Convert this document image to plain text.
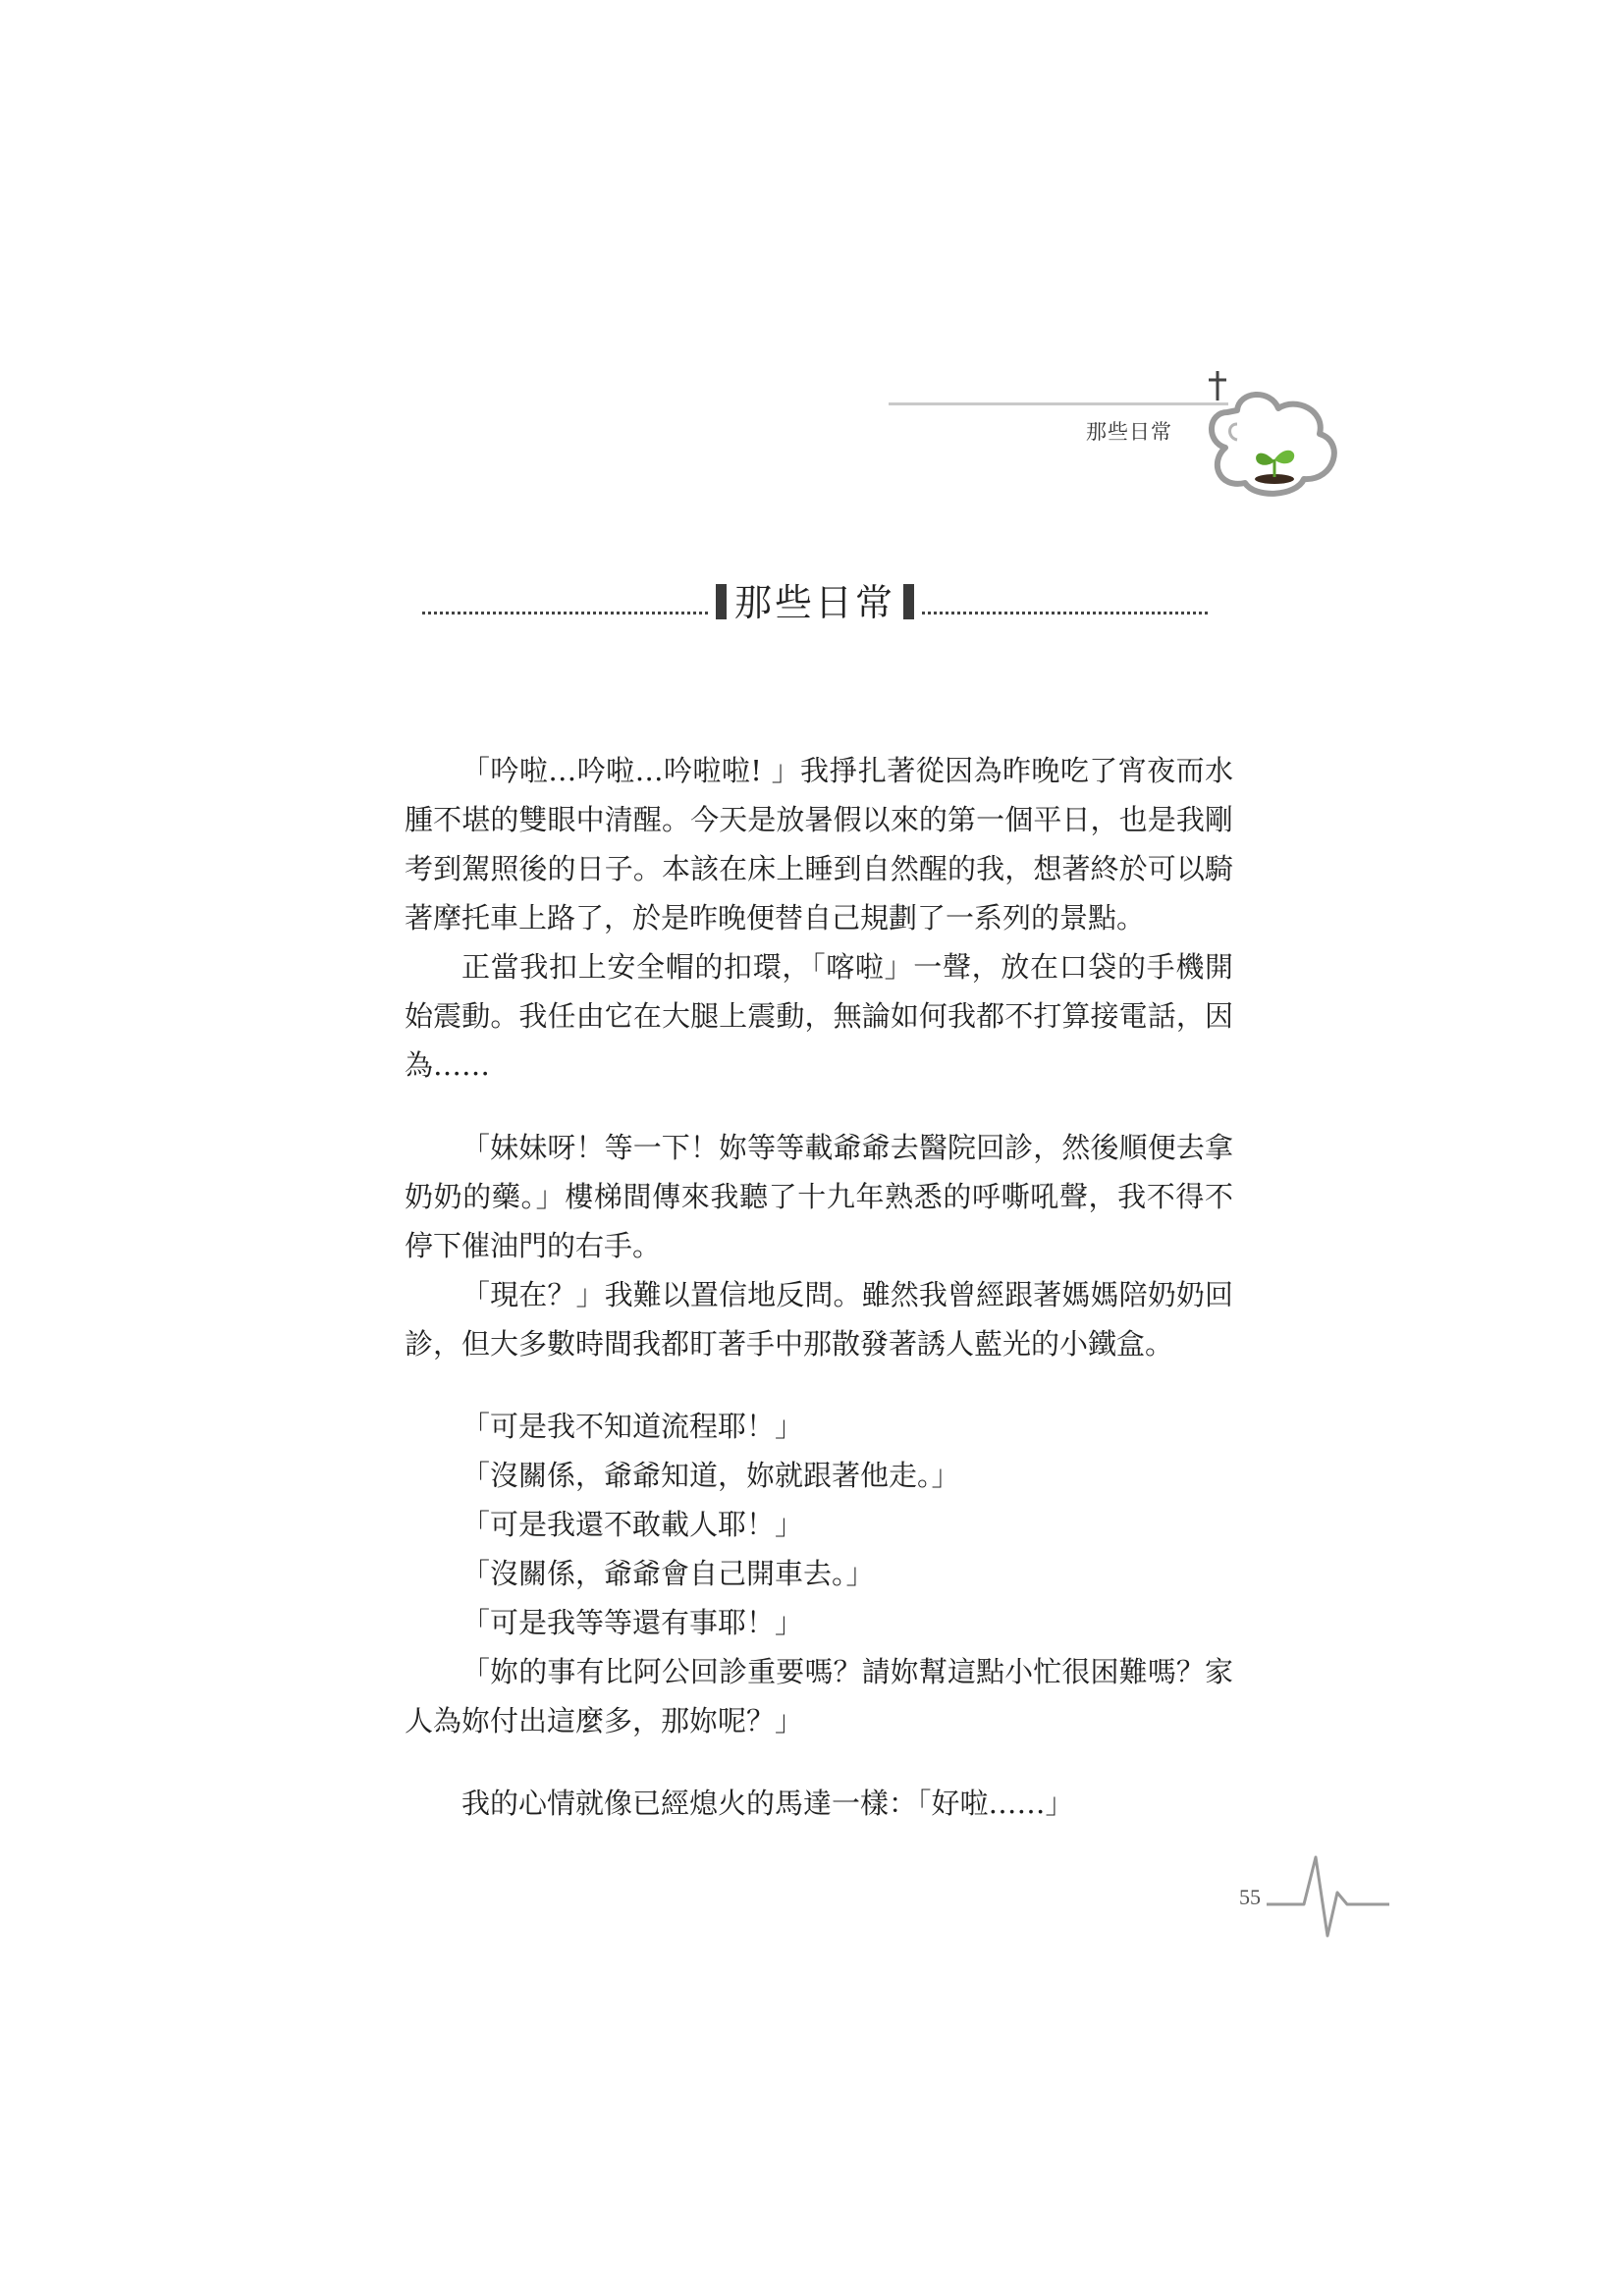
那些日常
那些日常

「吟啦…吟啦…吟啦啦! 」我掙扎著從因為昨晚吃了宵夜而水腫不堪的雙眼中清醒。今天是放暑假以來的第一個平日，也是我剛考到駕照後的日子。本該在床上睡到自然醒的我，想著終於可以騎著摩托車上路了，於是昨晚便替自己規劃了一系列的景點。

正當我扣上安全帽的扣環，「喀啦」一聲，放在口袋的手機開始震動。我任由它在大腿上震動，無論如何我都不打算接電話，因為……

「妹妹呀！等一下！妳等等載爺爺去醫院回診，然後順便去拿奶奶的藥。」樓梯間傳來我聽了十九年熟悉的呼嘶吼聲，我不得不停下催油門的右手。

「現在？」我難以置信地反問。雖然我曾經跟著媽媽陪奶奶回診，但大多數時間我都盯著手中那散發著誘人藍光的小鐵盒。

「可是我不知道流程耶！」

「沒關係，爺爺知道，妳就跟著他走。」

「可是我還不敢載人耶！」

「沒關係，爺爺會自己開車去。」

「可是我等等還有事耶！」

「妳的事有比阿公回診重要嗎？請妳幫這點小忙很困難嗎？家人為妳付出這麼多，那妳呢？」

我的心情就像已經熄火的馬達一樣：「好啦……」

55
